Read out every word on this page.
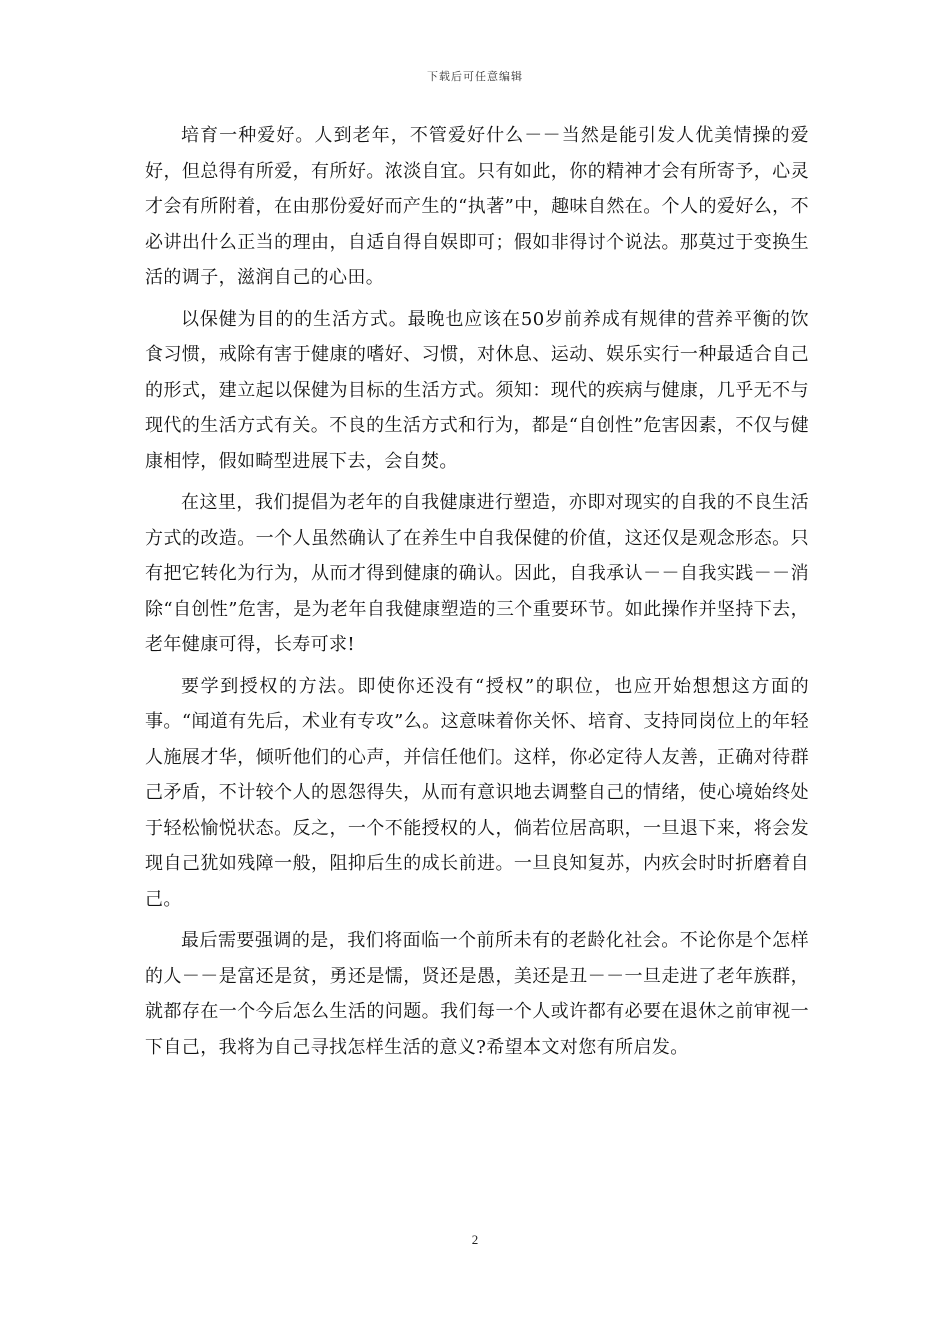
下载后可任意编辑

培育一种爱好。人到老年，不管爱好什么－－当然是能引发人优美情操的爱好，但总得有所爱，有所好。浓淡自宜。只有如此，你的精神才会有所寄予，心灵才会有所附着，在由那份爱好而产生的“执著”中，趣味自然在。个人的爱好么，不必讲出什么正当的理由，自适自得自娱即可；假如非得讨个说法。那莫过于变换生活的调子，滋润自己的心田。

以保健为目的的生活方式。最晚也应该在50岁前养成有规律的营养平衡的饮食习惯，戒除有害于健康的嗜好、习惯，对休息、运动、娱乐实行一种最适合自己的形式，建立起以保健为目标的生活方式。须知：现代的疾病与健康，几乎无不与现代的生活方式有关。不良的生活方式和行为，都是“自创性”危害因素，不仅与健康相悖，假如畸型进展下去，会自焚。

在这里，我们提倡为老年的自我健康进行塑造，亦即对现实的自我的不良生活方式的改造。一个人虽然确认了在养生中自我保健的价值，这还仅是观念形态。只有把它转化为行为，从而才得到健康的确认。因此，自我承认－－自我实践－－消除“自创性”危害，是为老年自我健康塑造的三个重要环节。如此操作并坚持下去，老年健康可得，长寿可求!

要学到授权的方法。即使你还没有“授权”的职位，也应开始想想这方面的事。“闻道有先后，术业有专攻”么。这意味着你关怀、培育、支持同岗位上的年轻人施展才华，倾听他们的心声，并信任他们。这样，你必定待人友善，正确对待群己矛盾，不计较个人的恩怨得失，从而有意识地去调整自己的情绪，使心境始终处于轻松愉悦状态。反之，一个不能授权的人，倘若位居高职，一旦退下来，将会发现自己犹如残障一般，阻抑后生的成长前进。一旦良知复苏，内疚会时时折磨着自己。

最后需要强调的是，我们将面临一个前所未有的老龄化社会。不论你是个怎样的人－－是富还是贫，勇还是懦，贤还是愚，美还是丑－－一旦走进了老年族群，就都存在一个今后怎么生活的问题。我们每一个人或许都有必要在退休之前审视一下自己，我将为自己寻找怎样生活的意义?希望本文对您有所启发。

2
